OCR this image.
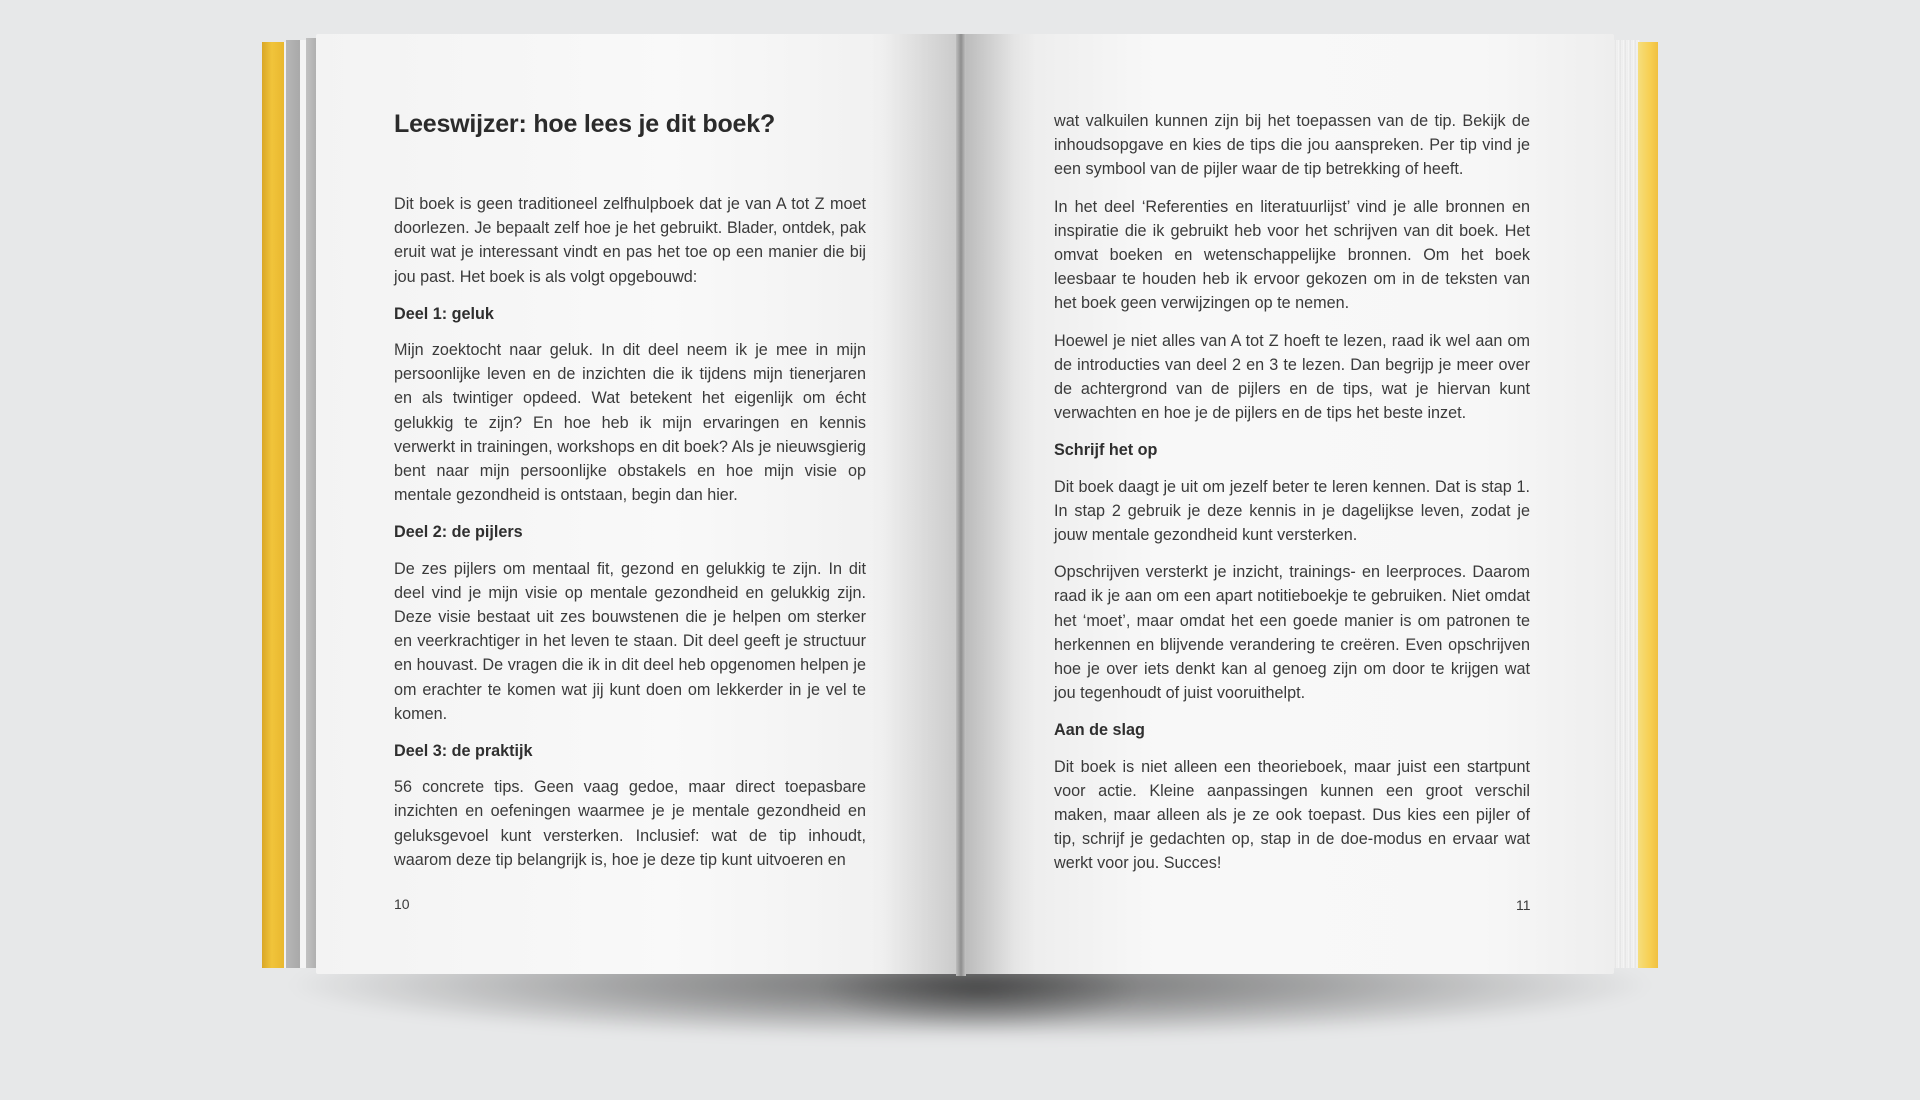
Leeswijzer: hoe lees je dit boek?

Dit boek is geen traditioneel zelfhulpboek dat je van A tot Z moet doorlezen. Je bepaalt zelf hoe je het gebruikt. Blader, ontdek, pak eruit wat je interessant vindt en pas het toe op een manier die bij jou past. Het boek is als volgt opgebouwd:

Deel 1: geluk

Mijn zoektocht naar geluk. In dit deel neem ik je mee in mijn persoonlijke leven en de inzichten die ik tijdens mijn tienerjaren en als twintiger opdeed. Wat betekent het eigenlijk om écht gelukkig te zijn? En hoe heb ik mijn ervaringen en kennis verwerkt in trainingen, workshops en dit boek? Als je nieuwsgierig bent naar mijn persoonlijke obstakels en hoe mijn visie op mentale gezondheid is ontstaan, begin dan hier.

Deel 2: de pijlers

De zes pijlers om mentaal fit, gezond en gelukkig te zijn. In dit deel vind je mijn visie op mentale gezondheid en gelukkig zijn. Deze visie bestaat uit zes bouwstenen die je helpen om sterker en veerkrachtiger in het leven te staan. Dit deel geeft je structuur en houvast. De vragen die ik in dit deel heb opgenomen helpen je om erachter te komen wat jij kunt doen om lekkerder in je vel te komen.

Deel 3: de praktijk

56 concrete tips. Geen vaag gedoe, maar direct toepasbare inzichten en oefeningen waarmee je je mentale gezondheid en geluksgevoel kunt versterken. Inclusief: wat de tip inhoudt, waarom deze tip belangrijk is, hoe je deze tip kunt uitvoeren en

10

wat valkuilen kunnen zijn bij het toepassen van de tip. Bekijk de inhoudsopgave en kies de tips die jou aanspreken. Per tip vind je een symbool van de pijler waar de tip betrekking of heeft.

In het deel ‘Referenties en literatuurlijst’ vind je alle bronnen en inspiratie die ik gebruikt heb voor het schrijven van dit boek. Het omvat boeken en wetenschappelijke bronnen. Om het boek leesbaar te houden heb ik ervoor gekozen om in de teksten van het boek geen verwijzingen op te nemen.

Hoewel je niet alles van A tot Z hoeft te lezen, raad ik wel aan om de introducties van deel 2 en 3 te lezen. Dan begrijp je meer over de achtergrond van de pijlers en de tips, wat je hiervan kunt verwachten en hoe je de pijlers en de tips het beste inzet.

Schrijf het op

Dit boek daagt je uit om jezelf beter te leren kennen. Dat is stap 1. In stap 2 gebruik je deze kennis in je dagelijkse leven, zodat je jouw mentale gezondheid kunt versterken.

Opschrijven versterkt je inzicht, trainings- en leerproces. Daarom raad ik je aan om een apart notitieboekje te gebruiken. Niet omdat het ‘moet’, maar omdat het een goede manier is om patronen te herkennen en blijvende verandering te creëren. Even opschrijven hoe je over iets denkt kan al genoeg zijn om door te krijgen wat jou tegenhoudt of juist vooruithelpt.

Aan de slag

Dit boek is niet alleen een theorieboek, maar juist een startpunt voor actie. Kleine aanpassingen kunnen een groot verschil maken, maar alleen als je ze ook toepast. Dus kies een pijler of tip, schrijf je gedachten op, stap in de doe-modus en ervaar wat werkt voor jou. Succes!

11
